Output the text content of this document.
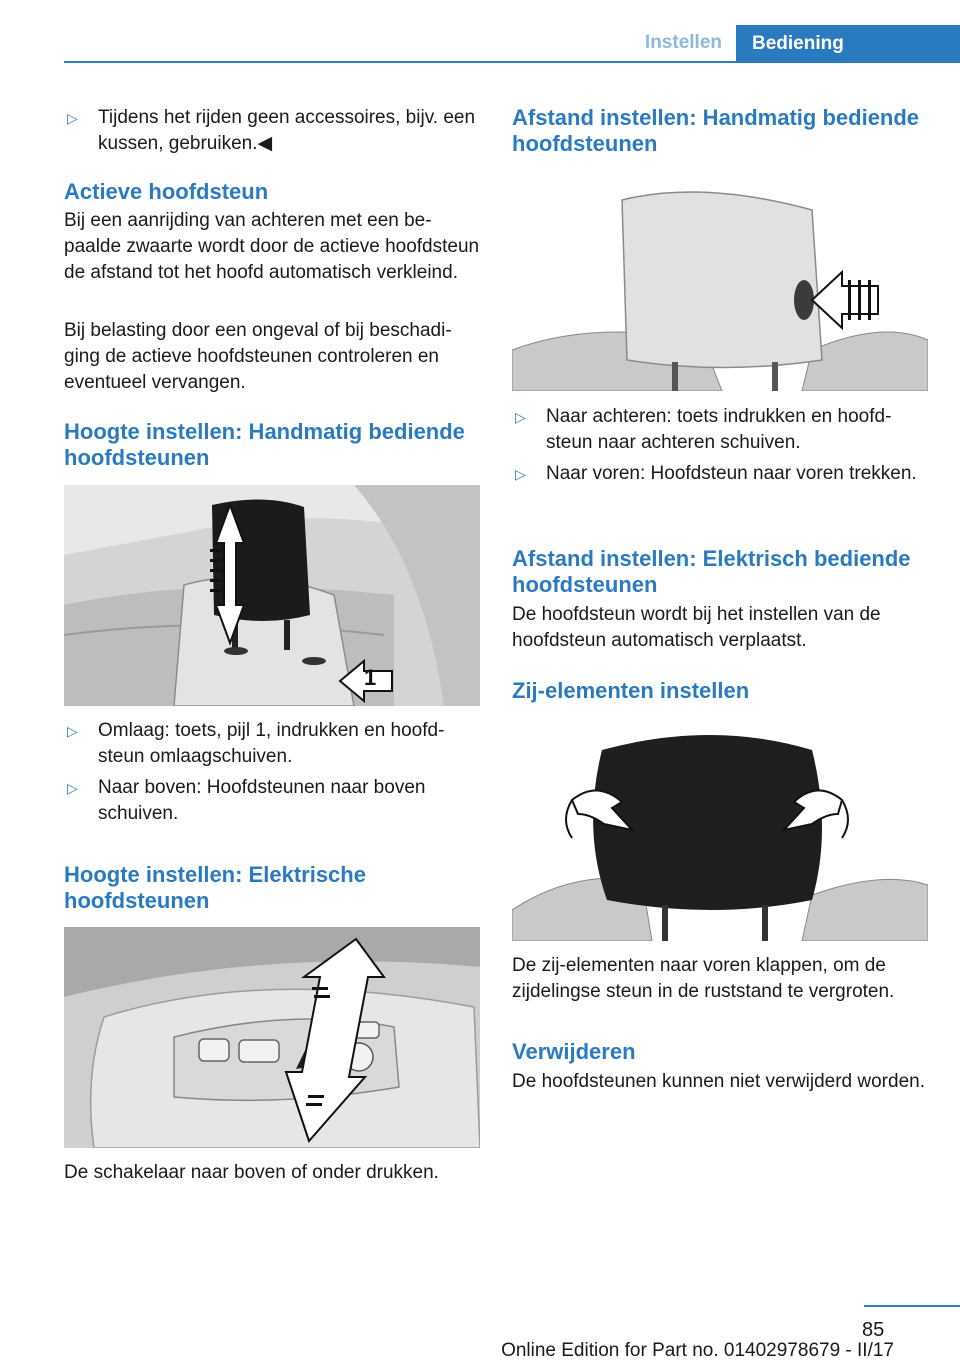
Instellen	Bediening
▷	Tijdens het rijden geen accessoires, bijv. een kussen, gebruiken.◀
Actieve hoofdsteun
Bij een aanrijding van achteren met een bepaalde zwaarte wordt door de actieve hoofdsteun de afstand tot het hoofd automatisch verkleind.
Bij belasting door een ongeval of bij beschadiging de actieve hoofdsteunen controleren en eventueel vervangen.
Hoogte instellen: Handmatig bediende hoofdsteunen
1
▷	Omlaag: toets, pijl 1, indrukken en hoofdsteun omlaagschuiven.
▷	Naar boven: Hoofdsteunen naar boven schuiven.
Hoogte instellen: Elektrische hoofdsteunen
De schakelaar naar boven of onder drukken.
Afstand instellen: Handmatig bediende hoofdsteunen
▷	Naar achteren: toets indrukken en hoofdsteun naar achteren schuiven.
▷	Naar voren: Hoofdsteun naar voren trekken.
Afstand instellen: Elektrisch bediende hoofdsteunen
De hoofdsteun wordt bij het instellen van de hoofdsteun automatisch verplaatst.
Zij-elementen instellen
De zij-elementen naar voren klappen, om de zijdelingse steun in de ruststand te vergroten.
Verwijderen
De hoofdsteunen kunnen niet verwijderd worden.
85
Online Edition for Part no. 01402978679 - II/17
